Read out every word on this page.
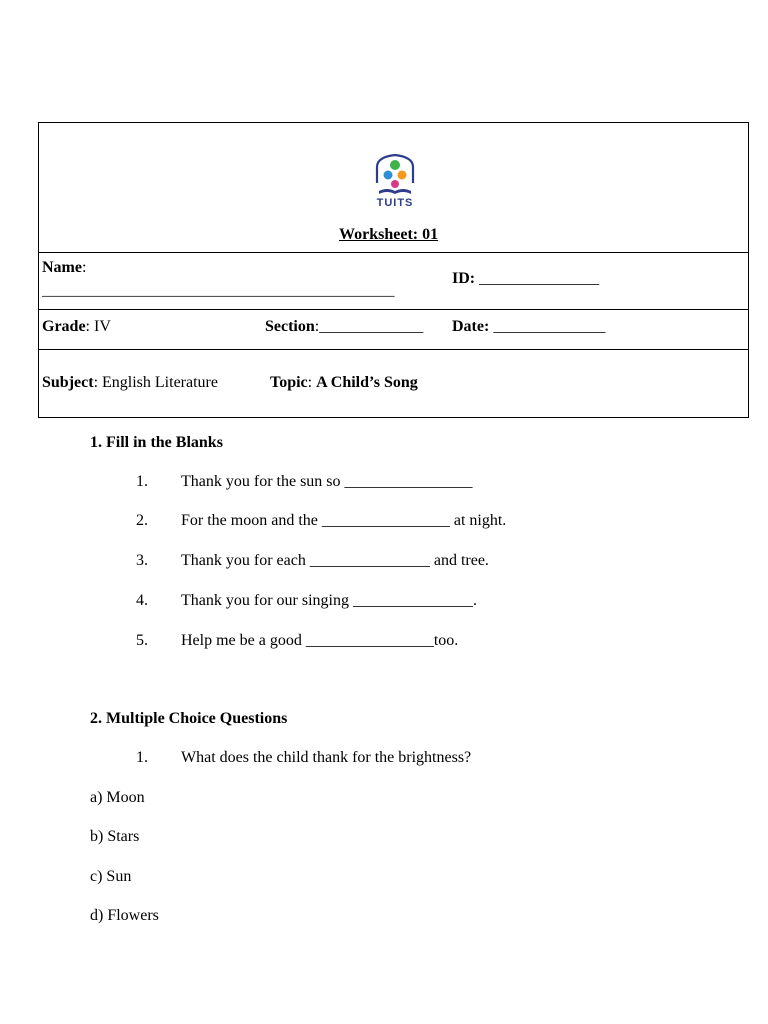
TUITS
Worksheet: 01
Name:
_______________________________________________
ID: _______________
Grade: IV	Section:_____________ Date: ______________
Subject: English Literature	Topic: A Child’s Song
1. Fill in the Blanks
1. Thank you for the sun so ________________
2. For the moon and the ________________ at night.
3. Thank you for each _______________ and tree.
4. Thank you for our singing _______________.
5. Help me be a good ________________too.
2. Multiple Choice Questions
1. What does the child thank for the brightness?
a) Moon
b) Stars
c) Sun
d) Flowers
